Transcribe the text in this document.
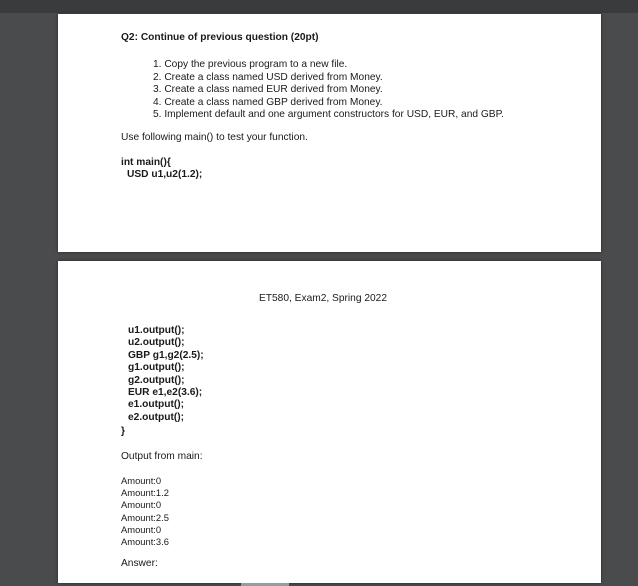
Q2: Continue of previous question (20pt)
1. Copy the previous program to a new file.
2. Create a class named USD derived from Money.
3. Create a class named EUR derived from Money.
4. Create a class named GBP derived from Money.
5. Implement default and one argument constructors for USD, EUR, and GBP.
Use following main() to test your function.
int main(){
USD u1,u2(1.2);
ET580, Exam2, Spring 2022
u1.output();
u2.output();
GBP g1,g2(2.5);
g1.output();
g2.output();
EUR e1,e2(3.6);
e1.output();
e2.output();
}
Output from main:
Amount:0
Amount:1.2
Amount:0
Amount:2.5
Amount:0
Amount:3.6
Answer:
